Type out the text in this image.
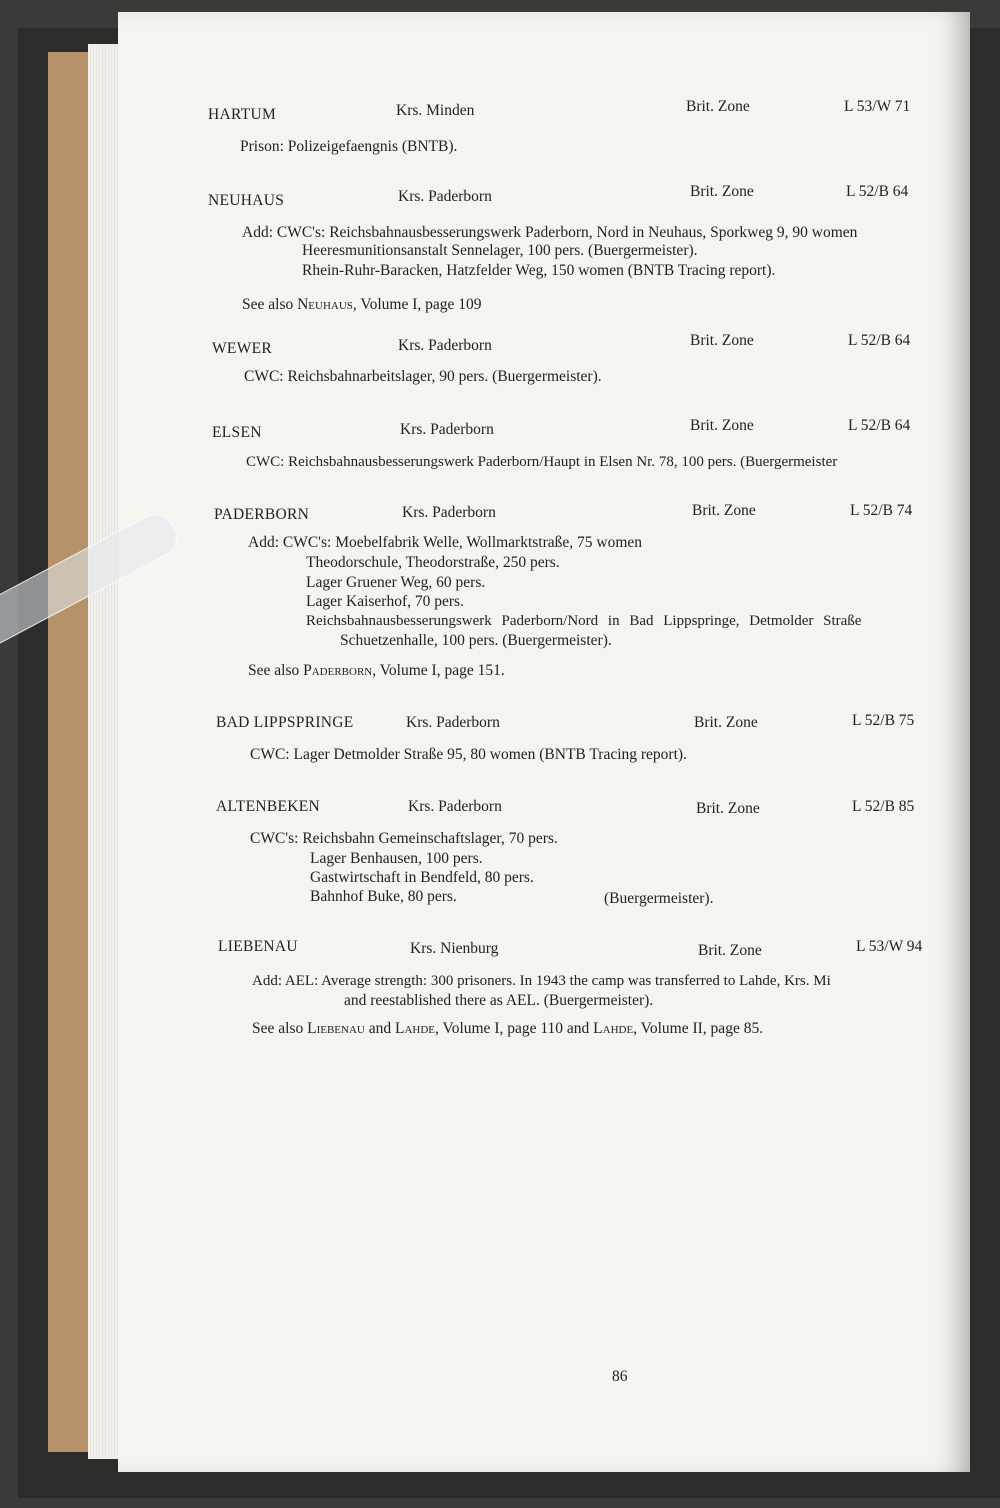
HARTUM	Krs. Minden	Brit. Zone	L 53/W 71
Prison: Polizeigefaengnis (BNTB).
NEUHAUS	Krs. Paderborn	Brit. Zone	L 52/B 64
Add: CWC's: Reichsbahnausbesserungswerk Paderborn, Nord in Neuhaus, Sporkweg 9, 90 women
Heeresmunitionsanstalt Sennelager, 100 pers. (Buergermeister).
Rhein-Ruhr-Baracken, Hatzfelder Weg, 150 women (BNTB Tracing report).
See also Neuhaus, Volume I, page 109
WEWER	Krs. Paderborn	Brit. Zone	L 52/B 64
CWC: Reichsbahnarbeitslager, 90 pers. (Buergermeister).
ELSEN	Krs. Paderborn	Brit. Zone	L 52/B 64
CWC: Reichsbahnausbesserungswerk Paderborn/Haupt in Elsen Nr. 78, 100 pers. (Buergermeister
PADERBORN	Krs. Paderborn	Brit. Zone	L 52/B 74
Add: CWC's: Moebelfabrik Welle, Wollmarktstraße, 75 women
Theodorschule, Theodorstraße, 250 pers.
Lager Gruener Weg, 60 pers.
Lager Kaiserhof, 70 pers.
Reichsbahnausbesserungswerk Paderborn/Nord in Bad Lippspringe, Detmolder Straße
Schuetzenhalle, 100 pers. (Buergermeister).
See also Paderborn, Volume I, page 151.
BAD LIPPSPRINGE	Krs. Paderborn	Brit. Zone	L 52/B 75
CWC: Lager Detmolder Straße 95, 80 women (BNTB Tracing report).
ALTENBEKEN	Krs. Paderborn	Brit. Zone	L 52/B 85
CWC's: Reichsbahn Gemeinschaftslager, 70 pers.
Lager Benhausen, 100 pers.
Gastwirtschaft in Bendfeld, 80 pers.
Bahnhof Buke, 80 pers.	(Buergermeister).
LIEBENAU	Krs. Nienburg	Brit. Zone	L 53/W 94
Add: AEL: Average strength: 300 prisoners. In 1943 the camp was transferred to Lahde, Krs. Mi
and reestablished there as AEL. (Buergermeister).
See also Liebenau and Lahde, Volume I, page 110 and Lahde, Volume II, page 85.
86
